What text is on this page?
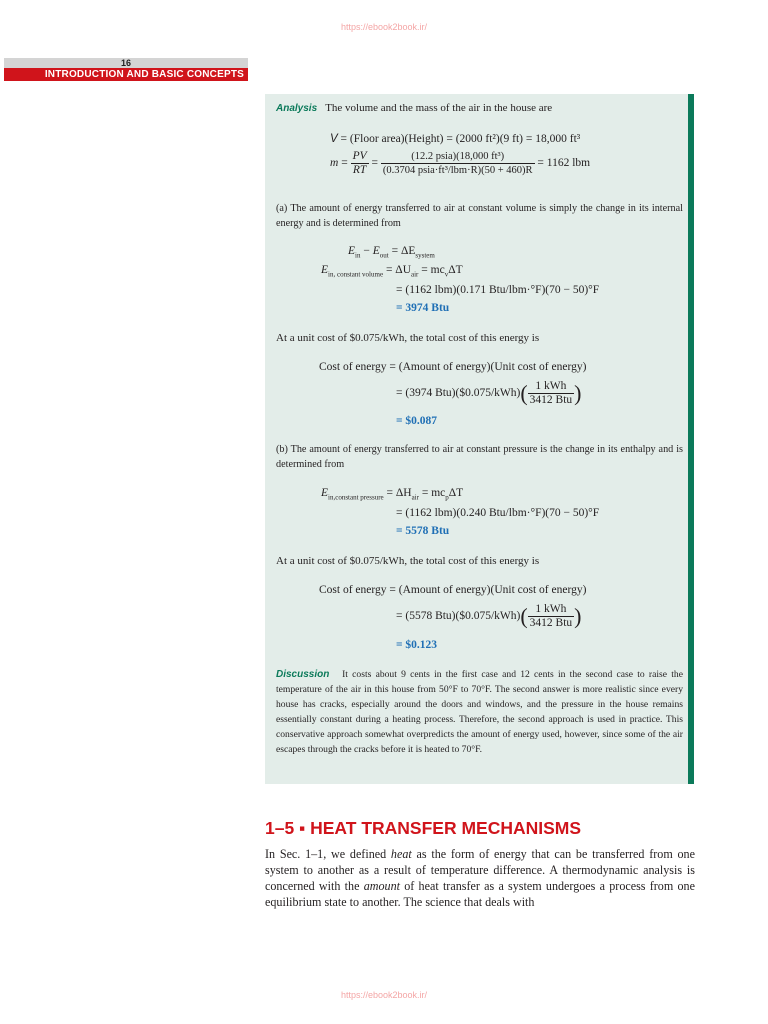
https://ebook2book.ir/
16
INTRODUCTION AND BASIC CONCEPTS
Analysis The volume and the mass of the air in the house are
V = (Floor area)(Height) = (2000 ft²)(9 ft) = 18,000 ft³
$m = \frac{PV}{RT} = \frac{\text{(12.2 psia)(18,000 ft³)}}{\text{(0.3704 psia·ft³/lbm·R)(50 + 460)R}} = 1162$ lbm
(a) The amount of energy transferred to air at constant volume is simply the change in its internal energy and is determined from
$E_{in} - E_{out} = \Delta E_{system}$
$E_{in, constant volume} = \Delta U_{air} = mc_v\Delta T$
= (1162 lbm)(0.171 Btu/lbm·°F)(70 − 50)°F
= 3974 Btu
At a unit cost of $0.075/kWh, the total cost of this energy is
Cost of energy = (Amount of energy)(Unit cost of energy)
= (3974 Btu)($0.075/kWh)( $\frac{\text{1 kWh}}{\text{3412 Btu}}$ )
= $0.087
(b) The amount of energy transferred to air at constant pressure is the change in its enthalpy and is determined from
$E_{in,constant pressure} = \Delta H_{air} = mc_p\Delta T$
= (1162 lbm)(0.240 Btu/lbm·°F)(70 − 50)°F
= 5578 Btu
At a unit cost of $0.075/kWh, the total cost of this energy is
Cost of energy = (Amount of energy)(Unit cost of energy)
= (5578 Btu)($0.075/kWh)( $\frac{\text{1 kWh}}{\text{3412 Btu}}$ )
= $0.123
Discussion It costs about 9 cents in the first case and 12 cents in the second case to raise the temperature of the air in this house from 50°F to 70°F. The second answer is more realistic since every house has cracks, especially around the doors and windows, and the pressure in the house remains essentially constant during a heating process. Therefore, the second approach is used in practice. This conservative approach somewhat overpredicts the amount of energy used, however, since some of the air escapes through the cracks before it is heated to 70°F.
1–5 ▪ HEAT TRANSFER MECHANISMS
In Sec. 1–1, we defined heat as the form of energy that can be transferred from one system to another as a result of temperature difference. A thermodynamic analysis is concerned with the amount of heat transfer as a system undergoes a process from one equilibrium state to another. The science that deals with
https://ebook2book.ir/
